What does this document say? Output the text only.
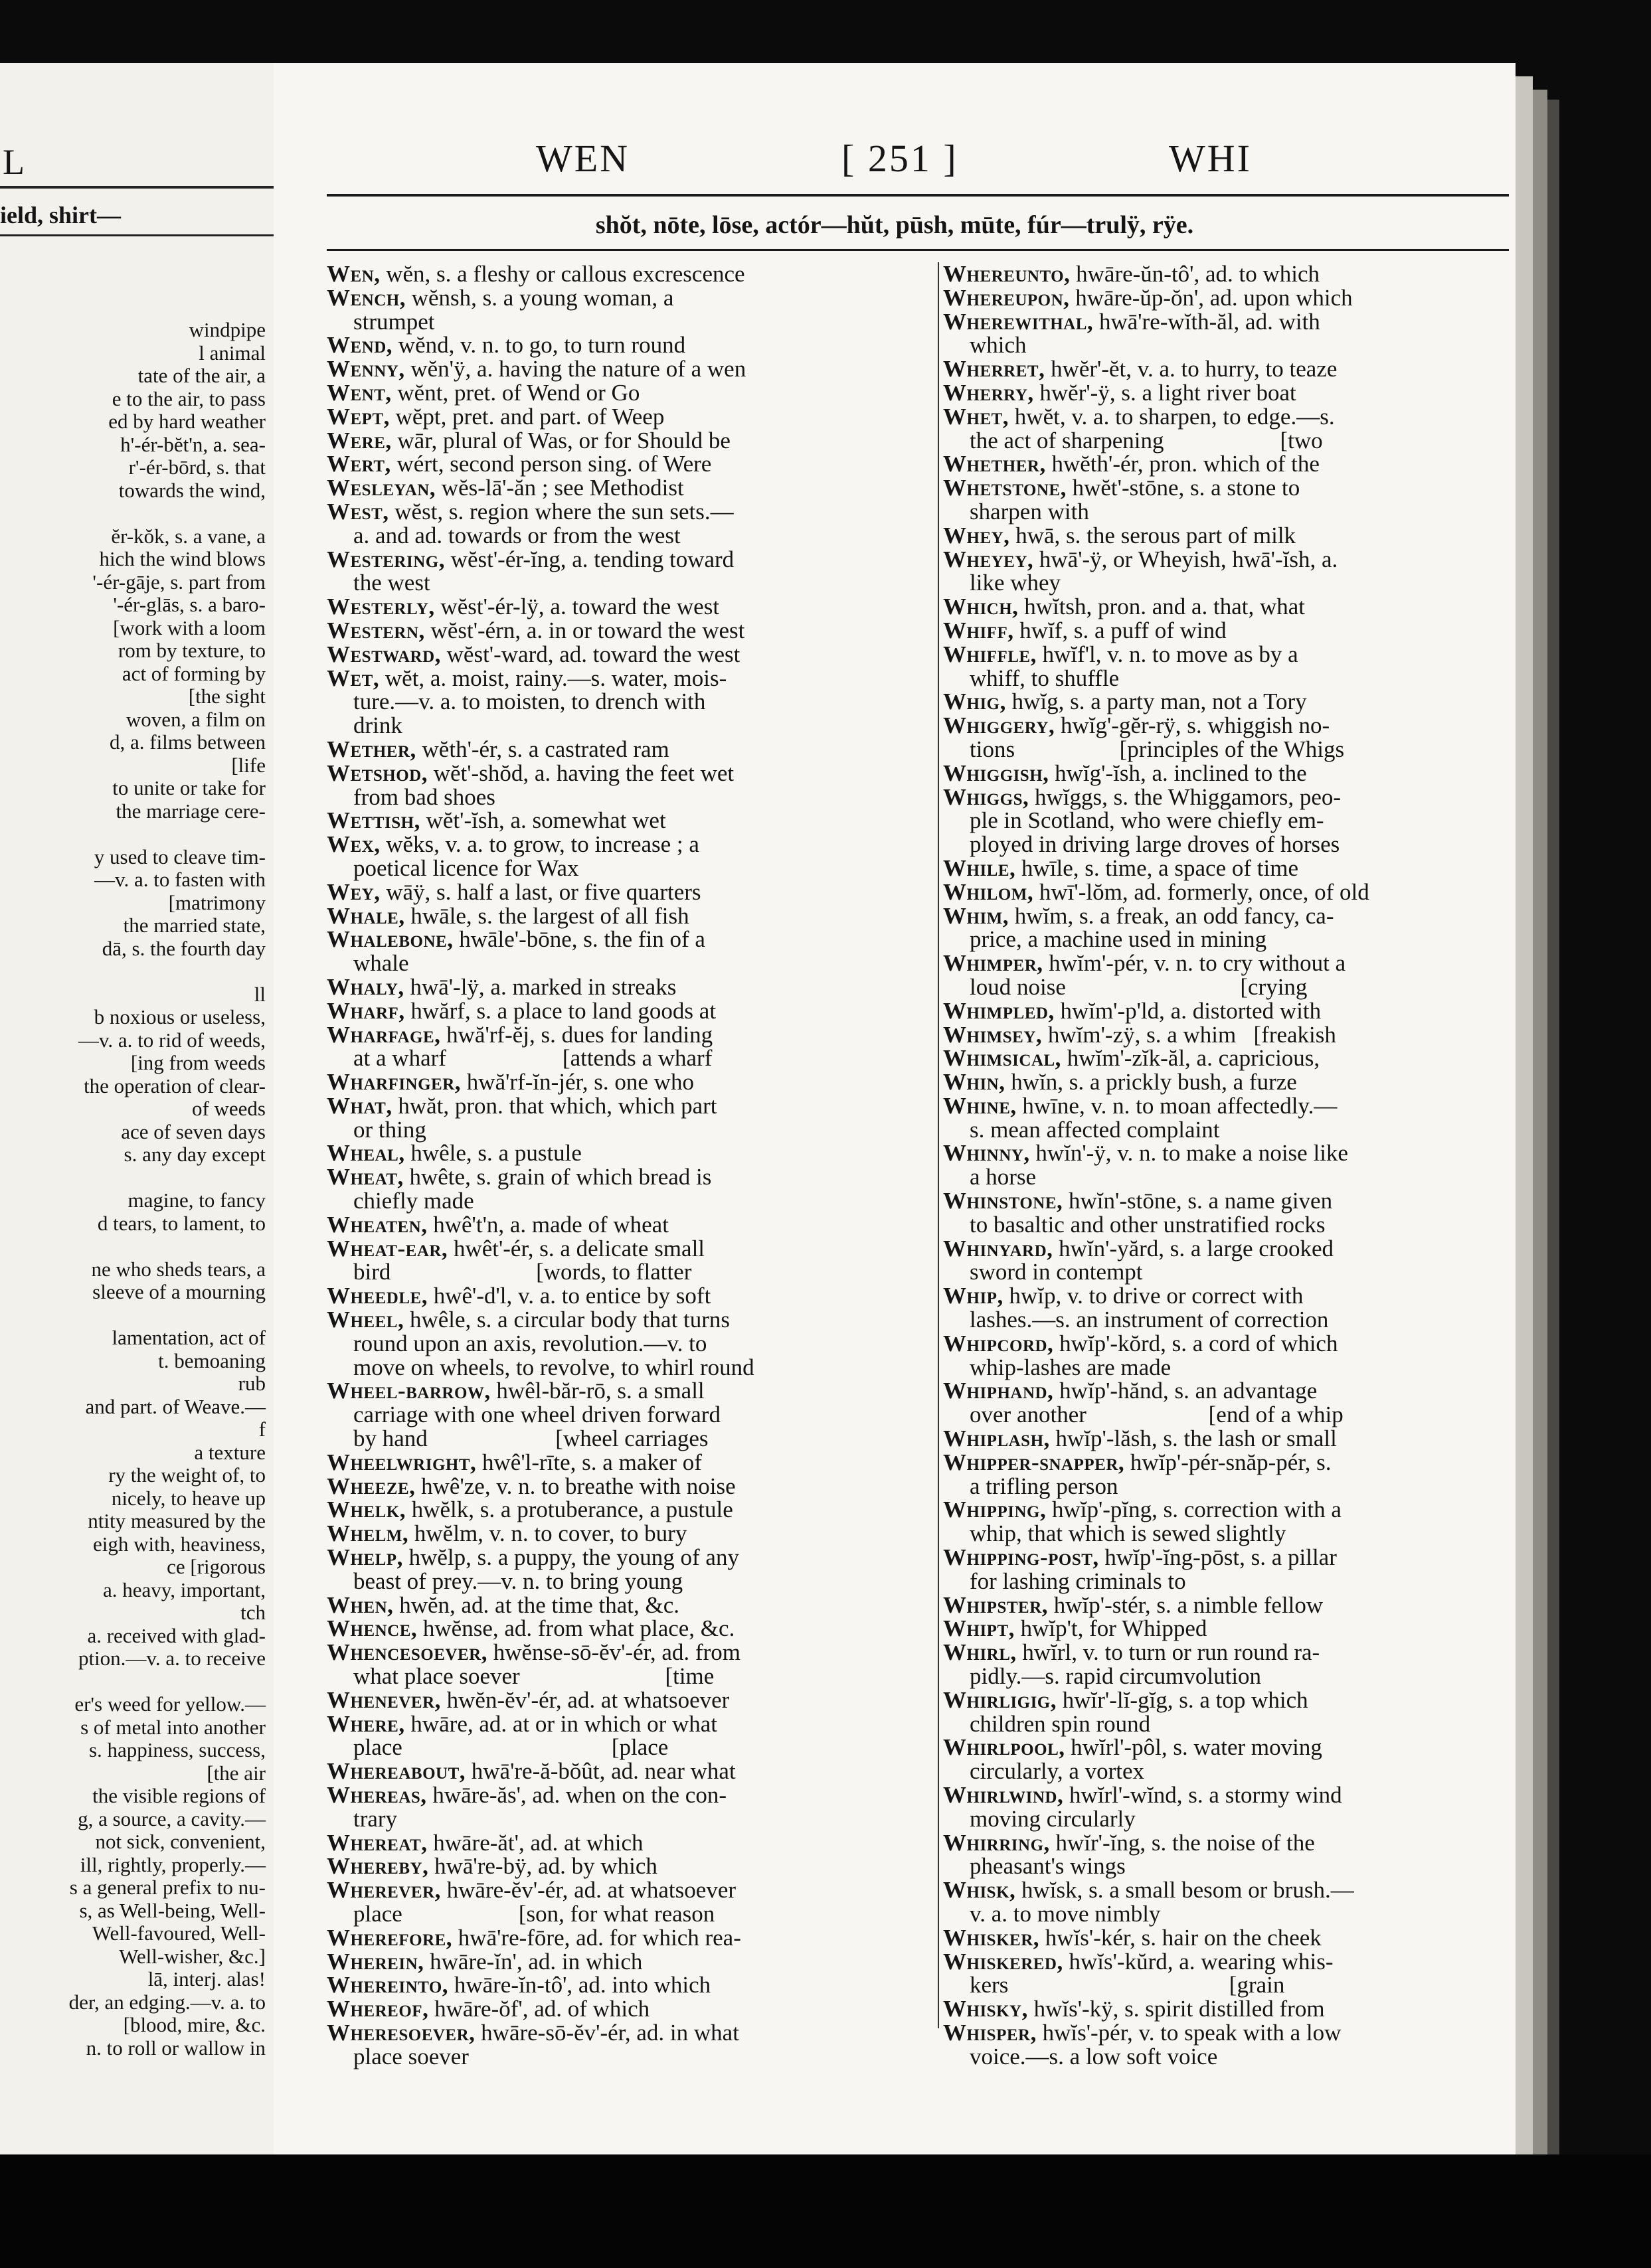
L
ield, shirt—
windpipe
l animal
tate of the air, a
e to the air, to pass
ed by hard weather
h'-ér-bĕt'n, a. sea-
r'-ér-bōrd, s. that
towards the wind,
ĕr-kŏk, s. a vane, a
hich the wind blows
'-ér-gāje, s. part from
'-ér-glās, s. a baro-
[work with a loom
rom by texture, to
act of forming by
[the sight
woven, a film on
d, a. films between
[life
to unite or take for
the marriage cere-
y used to cleave tim-
—v. a. to fasten with
[matrimony
the married state,
dā, s. the fourth day
ll
b noxious or useless,
—v. a. to rid of weeds,
[ing from weeds
the operation of clear-
of weeds
ace of seven days
s. any day except
magine, to fancy
d tears, to lament, to
ne who sheds tears, a
sleeve of a mourning
lamentation, act of
t. bemoaning
rub
and part. of Weave.—
f
a texture
ry the weight of, to
nicely, to heave up
ntity measured by the
eigh with, heaviness,
ce [rigorous
a. heavy, important,
tch
a. received with glad-
ption.—v. a. to receive
er's weed for yellow.—
s of metal into another
s. happiness, success,
[the air
the visible regions of
g, a source, a cavity.—
not sick, convenient,
ill, rightly, properly.—
s a general prefix to nu-
s, as Well-being, Well-
Well-favoured, Well-
Well-wisher, &c.]
lā, interj. alas!
der, an edging.—v. a. to
[blood, mire, &c.
n. to roll or wallow in
WEN	[ 251 ]	WHI
shŏt, nōte, lōse, actór—hŭt, pūsh, mūte, fúr—trulÿ, rÿe.
Wen, wĕn, s. a fleshy or callous excrescence
Wench, wĕnsh, s. a young woman, a
strumpet
Wend, wĕnd, v. n. to go, to turn round
Wenny, wĕn'ÿ, a. having the nature of a wen
Went, wĕnt, pret. of Wend or Go
Wept, wĕpt, pret. and part. of Weep
Were, wār, plural of Was, or for Should be
Wert, wért, second person sing. of Were
Wesleyan, wĕs-lā'-ăn ; see Methodist
West, wĕst, s. region where the sun sets.—
a. and ad. towards or from the west
Westering, wĕst'-ér-ĭng, a. tending toward
the west
Westerly, wĕst'-ér-lÿ, a. toward the west
Western, wĕst'-érn, a. in or toward the west
Westward, wĕst'-ward, ad. toward the west
Wet, wĕt, a. moist, rainy.—s. water, mois-
ture.—v. a. to moisten, to drench with
drink
Wether, wĕth'-ér, s. a castrated ram
Wetshod, wĕt'-shŏd, a. having the feet wet
from bad shoes
Wettish, wĕt'-ĭsh, a. somewhat wet
Wex, wĕks, v. a. to grow, to increase ; a
poetical licence for Wax
Wey, wāÿ, s. half a last, or five quarters
Whale, hwāle, s. the largest of all fish
Whalebone, hwāle'-bōne, s. the fin of a
whale
Whaly, hwā'-lÿ, a. marked in streaks
Wharf, hwărf, s. a place to land goods at
Wharfage, hwă'rf-ĕj, s. dues for landing
at a wharf                    [attends a wharf
Wharfinger, hwă'rf-ĭn-jér, s. one who
What, hwăt, pron. that which, which part
or thing
Wheal, hwêle, s. a pustule
Wheat, hwête, s. grain of which bread is
chiefly made
Wheaten, hwê't'n, a. made of wheat
Wheat-ear, hwêt'-ér, s. a delicate small
bird                         [words, to flatter
Wheedle, hwê'-d'l, v. a. to entice by soft
Wheel, hwêle, s. a circular body that turns
round upon an axis, revolution.—v. to
move on wheels, to revolve, to whirl round
Wheel-barrow, hwêl-băr-rō, s. a small
carriage with one wheel driven forward
by hand                      [wheel carriages
Wheelwright, hwê'l-rīte, s. a maker of
Wheeze, hwê'ze, v. n. to breathe with noise
Whelk, hwĕlk, s. a protuberance, a pustule
Whelm, hwĕlm, v. n. to cover, to bury
Whelp, hwĕlp, s. a puppy, the young of any
beast of prey.—v. n. to bring young
When, hwĕn, ad. at the time that, &c.
Whence, hwĕnse, ad. from what place, &c.
Whencesoever, hwĕnse-sō-ĕv'-ér, ad. from
what place soever                         [time
Whenever, hwĕn-ĕv'-ér, ad. at whatsoever
Where, hwāre, ad. at or in which or what
place                                    [place
Whereabout, hwā're-ă-bŏût, ad. near what
Whereas, hwāre-ăs', ad. when on the con-
trary
Whereat, hwāre-ăt', ad. at which
Whereby, hwā're-bÿ, ad. by which
Wherever, hwāre-ĕv'-ér, ad. at whatsoever
place                    [son, for what reason
Wherefore, hwā're-fōre, ad. for which rea-
Wherein, hwāre-ĭn', ad. in which
Whereinto, hwāre-ĭn-tô', ad. into which
Whereof, hwāre-ŏf', ad. of which
Wheresoever, hwāre-sō-ĕv'-ér, ad. in what
place soever
Whereunto, hwāre-ŭn-tô', ad. to which
Whereupon, hwāre-ŭp-ŏn', ad. upon which
Wherewithal, hwā're-wĭth-ăl, ad. with
which
Wherret, hwĕr'-ĕt, v. a. to hurry, to teaze
Wherry, hwĕr'-ÿ, s. a light river boat
Whet, hwĕt, v. a. to sharpen, to edge.—s.
the act of sharpening                    [two
Whether, hwĕth'-ér, pron. which of the
Whetstone, hwĕt'-stōne, s. a stone to
sharpen with
Whey, hwā, s. the serous part of milk
Wheyey, hwā'-ÿ, or Wheyish, hwā'-ĭsh, a.
like whey
Which, hwĭtsh, pron. and a. that, what
Whiff, hwĭf, s. a puff of wind
Whiffle, hwĭf'l, v. n. to move as by a
whiff, to shuffle
Whig, hwĭg, s. a party man, not a Tory
Whiggery, hwĭg'-gĕr-rÿ, s. whiggish no-
tions                  [principles of the Whigs
Whiggish, hwĭg'-ĭsh, a. inclined to the
Whiggs, hwĭggs, s. the Whiggamors, peo-
ple in Scotland, who were chiefly em-
ployed in driving large droves of horses
While, hwīle, s. time, a space of time
Whilom, hwī'-lŏm, ad. formerly, once, of old
Whim, hwĭm, s. a freak, an odd fancy, ca-
price, a machine used in mining
Whimper, hwĭm'-pér, v. n. to cry without a
loud noise                              [crying
Whimpled, hwĭm'-p'ld, a. distorted with
Whimsey, hwĭm'-zÿ, s. a whim   [freakish
Whimsical, hwĭm'-zĭk-ăl, a. capricious,
Whin, hwĭn, s. a prickly bush, a furze
Whine, hwīne, v. n. to moan affectedly.—
s. mean affected complaint
Whinny, hwĭn'-ÿ, v. n. to make a noise like
a horse
Whinstone, hwĭn'-stōne, s. a name given
to basaltic and other unstratified rocks
Whinyard, hwĭn'-yărd, s. a large crooked
sword in contempt
Whip, hwĭp, v. to drive or correct with
lashes.—s. an instrument of correction
Whipcord, hwĭp'-kŏrd, s. a cord of which
whip-lashes are made
Whiphand, hwĭp'-hănd, s. an advantage
over another                     [end of a whip
Whiplash, hwĭp'-lăsh, s. the lash or small
Whipper-snapper, hwĭp'-pér-snăp-pér, s.
a trifling person
Whipping, hwĭp'-pĭng, s. correction with a
whip, that which is sewed slightly
Whipping-post, hwĭp'-ĭng-pōst, s. a pillar
for lashing criminals to
Whipster, hwĭp'-stér, s. a nimble fellow
Whipt, hwĭp't, for Whipped
Whirl, hwĭrl, v. to turn or run round ra-
pidly.—s. rapid circumvolution
Whirligig, hwĭr'-lĭ-gĭg, s. a top which
children spin round
Whirlpool, hwĭrl'-pôl, s. water moving
circularly, a vortex
Whirlwind, hwĭrl'-wĭnd, s. a stormy wind
moving circularly
Whirring, hwĭr'-ĭng, s. the noise of the
pheasant's wings
Whisk, hwĭsk, s. a small besom or brush.—
v. a. to move nimbly
Whisker, hwĭs'-kér, s. hair on the cheek
Whiskered, hwĭs'-kŭrd, a. wearing whis-
kers                                      [grain
Whisky, hwĭs'-kÿ, s. spirit distilled from
Whisper, hwĭs'-pér, v. to speak with a low
voice.—s. a low soft voice
